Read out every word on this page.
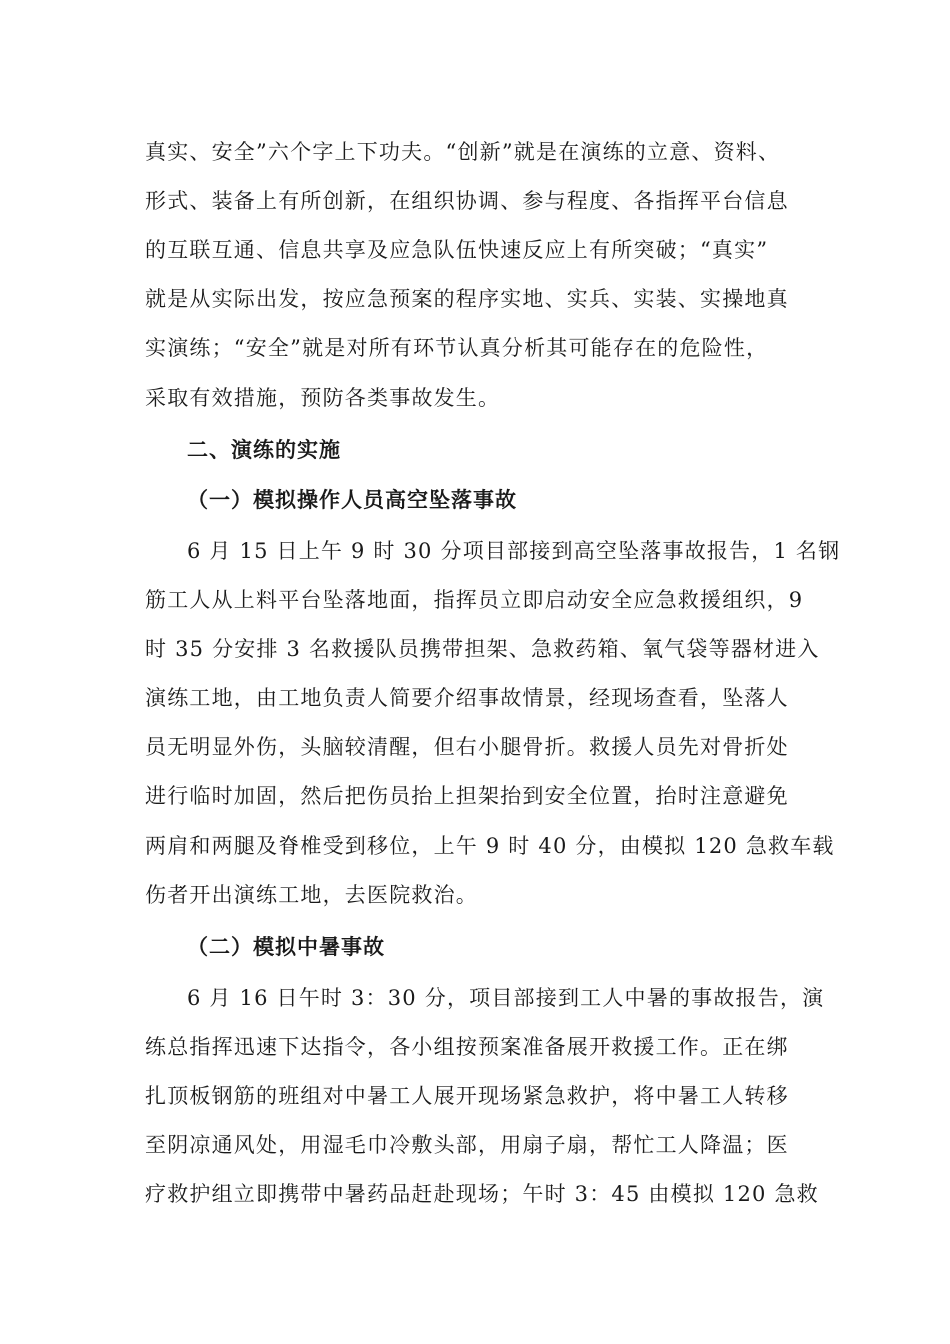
真实、安全”六个字上下功夫。“创新”就是在演练的立意、资料、
形式、装备上有所创新，在组织协调、参与程度、各指挥平台信息
的互联互通、信息共享及应急队伍快速反应上有所突破；“真实”
就是从实际出发，按应急预案的程序实地、实兵、实装、实操地真
实演练；“安全”就是对所有环节认真分析其可能存在的危险性，
采取有效措施，预防各类事故发生。
二、演练的实施
（一）模拟操作人员高空坠落事故
6 月 15 日上午 9 时 30 分项目部接到高空坠落事故报告，1 名钢
筋工人从上料平台坠落地面，指挥员立即启动安全应急救援组织，9
时 35 分安排 3 名救援队员携带担架、急救药箱、氧气袋等器材进入
演练工地，由工地负责人简要介绍事故情景，经现场查看，坠落人
员无明显外伤，头脑较清醒，但右小腿骨折。救援人员先对骨折处
进行临时加固，然后把伤员抬上担架抬到安全位置，抬时注意避免
两肩和两腿及脊椎受到移位，上午 9 时 40 分，由模拟 120 急救车载
伤者开出演练工地，去医院救治。
（二）模拟中暑事故
6 月 16 日午时 3：30 分，项目部接到工人中暑的事故报告，演
练总指挥迅速下达指令，各小组按预案准备展开救援工作。正在绑
扎顶板钢筋的班组对中暑工人展开现场紧急救护，将中暑工人转移
至阴凉通风处，用湿毛巾冷敷头部，用扇子扇，帮忙工人降温；医
疗救护组立即携带中暑药品赶赴现场；午时 3：45 由模拟 120 急救
